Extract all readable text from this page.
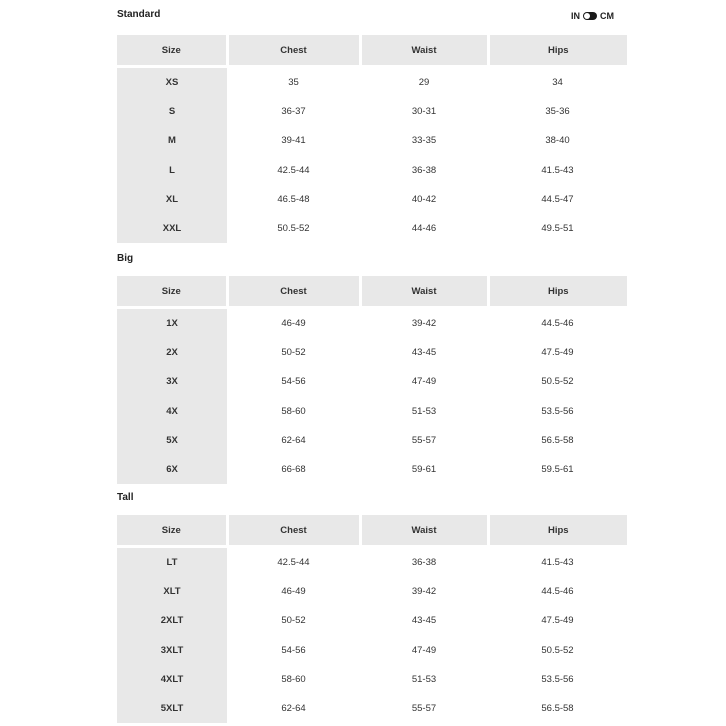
Standard	IN CM
Size	Chest	Waist	Hips

XS	35	29	34
S	36-37	30-31	35-36
M	39-41	33-35	38-40
L	42.5-44	36-38	41.5-43
XL	46.5-48	40-42	44.5-47
XXL	50.5-52	44-46	49.5-51
Big
Size	Chest	Waist	Hips

1X	46-49	39-42	44.5-46
2X	50-52	43-45	47.5-49
3X	54-56	47-49	50.5-52
4X	58-60	51-53	53.5-56
5X	62-64	55-57	56.5-58
6X	66-68	59-61	59.5-61
Tall
Size	Chest	Waist	Hips

LT	42.5-44	36-38	41.5-43
XLT	46-49	39-42	44.5-46
2XLT	50-52	43-45	47.5-49
3XLT	54-56	47-49	50.5-52
4XLT	58-60	51-53	53.5-56
5XLT	62-64	55-57	56.5-58
